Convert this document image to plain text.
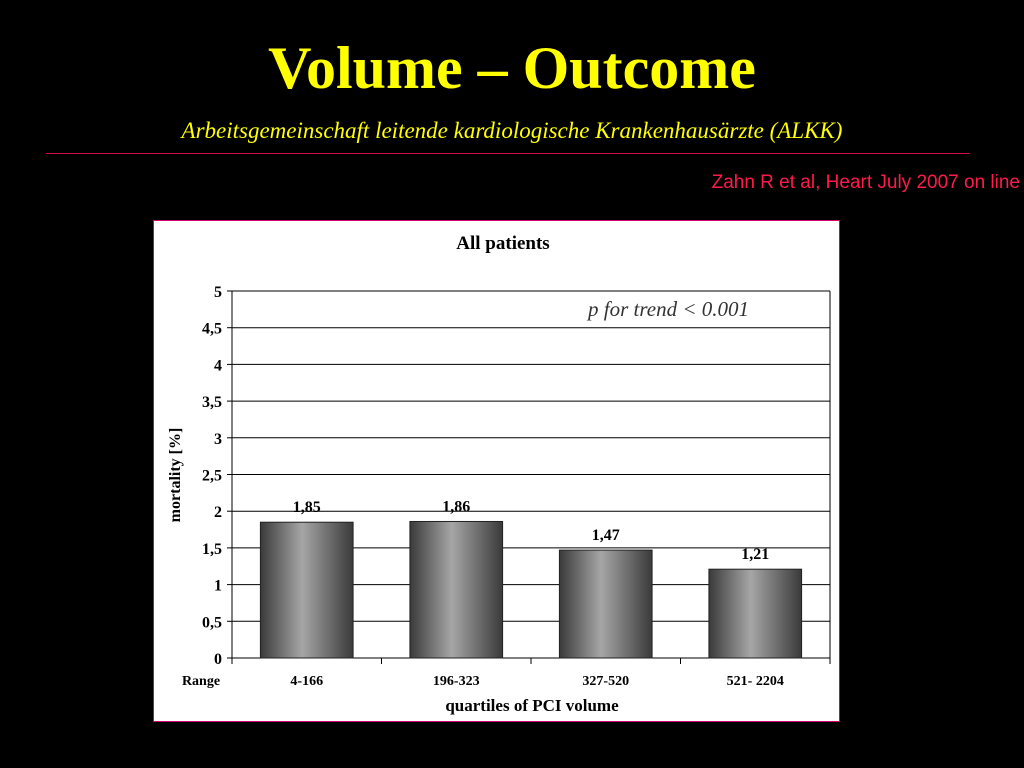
Volume – Outcome
Arbeitsgemeinschaft leitende kardiologische Krankenhausärzte (ALKK)
Zahn R et al, Heart July 2007 on line
All patients
p for trend < 0.001
0
0,5
1
1,5
2
2,5
3
3,5
4
4,5
5
1,85
4-166
1,86
196-323
1,47
327-520
1,21
521- 2204
mortality [%]
Range
quartiles of PCI volume
